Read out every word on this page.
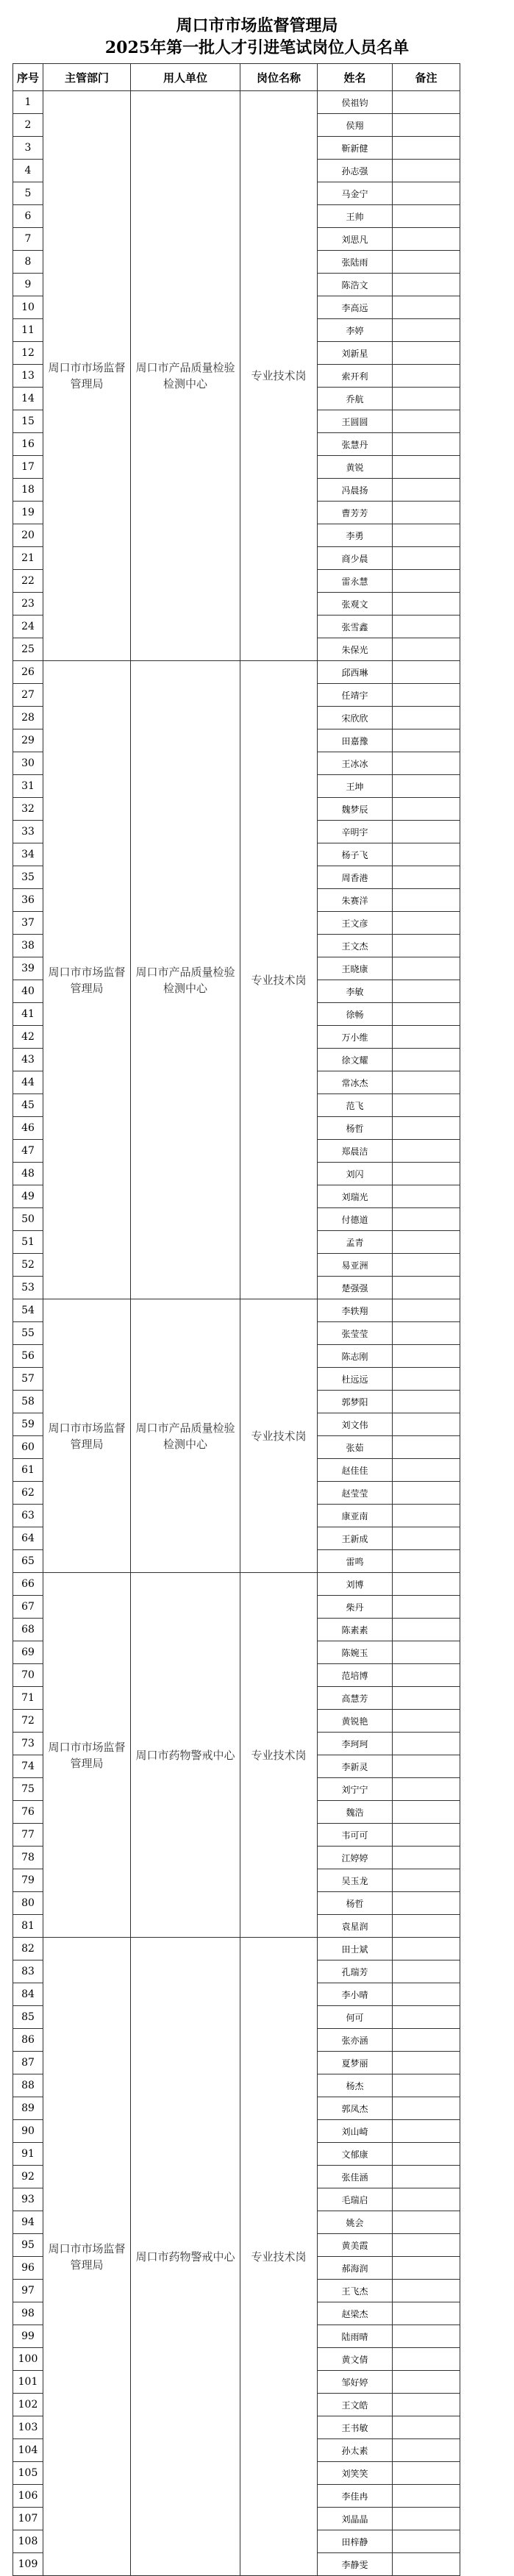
周口市市场监督管理局
2025年第一批人才引进笔试岗位人员名单
序号	主管部门	用人单位	岗位名称	姓名	备注
1	周口市市场监督管理局	周口市产品质量检验检测中心	专业技术岗	侯祖钧	
2				侯翔	
3				靳新健	
4				孙志强	
5				马金宁	
6				王帅	
7				刘思凡	
8				张陆雨	
9				陈浩文	
10				李高远	
11				李婷	
12				刘新星	
13				索开利	
14				乔航	
15				王圆圆	
16				张慧丹	
17				黄锐	
18				冯晨扬	
19				曹芳芳	
20				李勇	
21				商少晨	
22				雷永慧	
23				张观文	
24				张雪鑫	
25				朱保光	
26	周口市市场监督管理局	周口市产品质量检验检测中心	专业技术岗	邱西琳	
27				任靖宇	
28				宋欣欣	
29				田嘉豫	
30				王冰冰	
31				王坤	
32				魏梦辰	
33				辛明宇	
34				杨子飞	
35				周香港	
36				朱赛洋	
37				王文彦	
38				王文杰	
39				王晓康	
40				李敏	
41				徐畅	
42				万小维	
43				徐文耀	
44				常冰杰	
45				范飞	
46				杨哲	
47				郑晨洁	
48				刘闪	
49				刘瑞光	
50				付德道	
51				孟青	
52				易亚洲	
53				楚强强	
54	周口市市场监督管理局	周口市产品质量检验检测中心	专业技术岗	李轶翔	
55				张莹莹	
56				陈志刚	
57				杜远远	
58				郭梦阳	
59				刘文伟	
60				张茹	
61				赵佳佳	
62				赵莹莹	
63				康亚南	
64				王新成	
65				雷鸣	
66	周口市市场监督管理局	周口市药物警戒中心	专业技术岗	刘博	
67				柴丹	
68				陈素素	
69				陈婉玉	
70				范培博	
71				高慧芳	
72				黄锐艳	
73				李珂珂	
74				李新灵	
75				刘宁宁	
76				魏浩	
77				韦可可	
78				江婷婷	
79				吴玉龙	
80				杨哲	
81				袁星润	
82	周口市市场监督管理局	周口市药物警戒中心	专业技术岗	田士斌	
83				孔瑞芳	
84				李小晴	
85				何可	
86				张亦涵	
87				夏梦丽	
88				杨杰	
89				郭凤杰	
90				刘山崎	
91				文郁康	
92				张佳涵	
93				毛瑞启	
94				姚会	
95				黄美霞	
96				郝海润	
97				王飞杰	
98				赵梁杰	
99				陆雨晴	
100				黄文倩	
101				邹好婷	
102				王文皓	
103				王书敏	
104				孙太素	
105				刘笑笑	
106				李佳冉	
107				刘晶晶	
108				田梓静	
109				李静雯	
